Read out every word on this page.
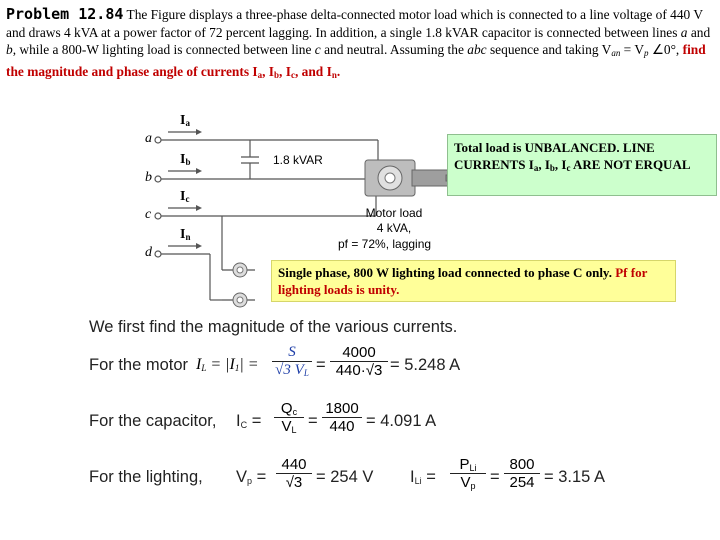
Problem 12.84 The Figure displays a three-phase delta-connected motor load which is connected to a line voltage of 440 V and draws 4 kVA at a power factor of 72 percent lagging. In addition, a single 1.8 kVAR capacitor is connected between lines a and b, while a 800-W lighting load is connected between line c and neutral. Assuming the abc sequence and taking $V_{an} = V_p$ ∠0°, find the magnitude and phase angle of currents $I_a$, $I_b$, $I_c$, and $I_n$.
a
b
c
d
$I_a$
$I_b$
$I_c$
$I_n$
1.8 kVAR
Motor load
4 kVA,
pf = 72%, lagging
Total load is UNBALANCED. LINE CURRENTS $I_a$, $I_b$, $I_c$ ARE NOT ERQUAL
Single phase, 800 W lighting load connected to phase C only. Pf for lighting loads is unity.
We first find the magnitude of the various currents.
For the motor $I_L = |I_1| = \frac{S}{√3 V_L} = \frac{4000}{440\cdot√3} = 5.248$ A
For the capacitor, $I_C = \frac{Q_c}{V_L} = \frac{1800}{440} = 4.091$ A
For the lighting, $V_p = \frac{440}{√3} = 254$ V $I_{Li}$ =
$P_{Li}$
$V_p = \frac{800}{254} = 3.15$ A
